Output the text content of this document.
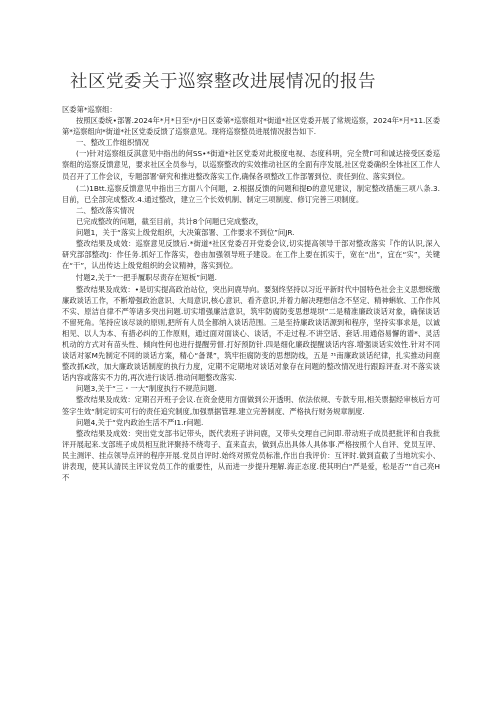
社区党委关于巡察整改进展情况的报告

区委第*巡察组：

按照区委统•部署.2024年*月*日至*/j*日区委第*巡察组对*街道*社区党委开展了常规巡察，2024年*月*11.区委第*巡察组向*街道*社区党委反馈了巡察意见。现将巡察整员进展情况报告如下.

一、整改工作组织情况

(一)针对巡察组反淇意见中指出的何SS•*街道*社区党委对此极度电视、态度科明，完全赞Γ可和诚达接受区委巡察组的巡察反馈意见，要求社区全员参与，以巡察整改的实效推动社区的全面有序发展,社区党委确织全体社区工作人员召开了工作会议，专题部署'研究和推进整改落实工作,确保各项整改工作部署到位、责任到位、落实到位。

(二)1Btt.巡察反馈意见中指出三方面八个问题，2.根据反馈的问题和提Ð的意见建议，制定整改措施三项八条.3.目前，已全部完成整改.4.通过整改，建立三个长效机制、制定三项制度、修订完善三项制度。

二、整改落实情况

已完成整改的问题，截至目前，共计8个问题已完成整改，

问题1，关于“落实上级党组织，大决策部署、工作要求不到位”问JR.

整改结果及成效：巡察意见反馈后.*街道*社区党委召开党委会议,切实提高领导干部对整改落实『作的认识,深入研究部部整改J：作任务.抓好工作落实，卷由加强领导班子建设。在工作上要在抓实于，宽在“出”，宜在“实”，关键在“干”，认出传达上级党组织的会议精神，落实到位。

忖题2,关于“一把手履职尽责存在短板”问题.

整改结果及成效：•是切实提高政治站位，突出问鹿导向。要刻终坚持以习近平新时代中国特色社会主义思想统缴廉政谈话工作，不断增强政治意识、大局意识,核心意识、看齐意识,并着力解决理想信念不坚定、精神蝌软、工作作风不实、原洁自律不严等诸多突出问题.切实增强廉洁意识，筑牢防腐防变思想堤坝”二是精准廉政谈话对象，确保谈话不留死角。笔持应该尽谈的原则,把所有人员全都纳入谈话范围。三是至持廉政谈话源到和程序，坚持实事求是，以诚相见、以人为本、有措必纠的工作原则，通过面对面谈心、谈话，不走过程.不讲空话、套话.用通俗易懈的谱*、灵活机动的方式对有苗头性、倾向性何也进行提醒劳督.打好预防针.四是细化廉政提醒谈话内容.增强谈话实效性.针对不同谈话对冢M先制定不同的谈话方案，精心“备课”，筑牢拒腐防变的思想防线，五是 ³¹南廉政谈话纪律，扎实推动问鹿整改抓K改，加大廉政谈话制度的执行力度，定期不定期地对谈话对象存在问题的整改情况进行跟踪评查.对不落实谈话内容或落实不力的,再次进行谈话.推动问题整改落实.

问题3,关于“三・一大”制度执行不规范问题.

整改结果及成效：定期召开班子会议.在资金使用方面做到公开透明、依法依规、专款专用,相关票据经审核后方可签字生效“制定切实可行的责任追究制度,加强票据管理.建立完善制度、严格执行财务规章制度.

问题4,关于“党内政治生活不严I1.r问题.

整改结果及成效：突出党支部书记带头，既代表班子讲问鹿，又带头交理自己问即.带动班子成员把批评和自我批评开展起来.支部班子成员相互批评聚持不绕弯子、直来直去，做到点出具体人具体事.严格按照个人自评、党员互评、民主测评、挂点领导点评的程序开展.党员自评时.始终对照党员标准,作出自我评价：互评时.做到直截了当地坑实小、讲表现，使其认清民主评议党员工作的重要性，从而进一步提升理解.海正态度.使其明白“严是爱，松是否”“自己亮H不
